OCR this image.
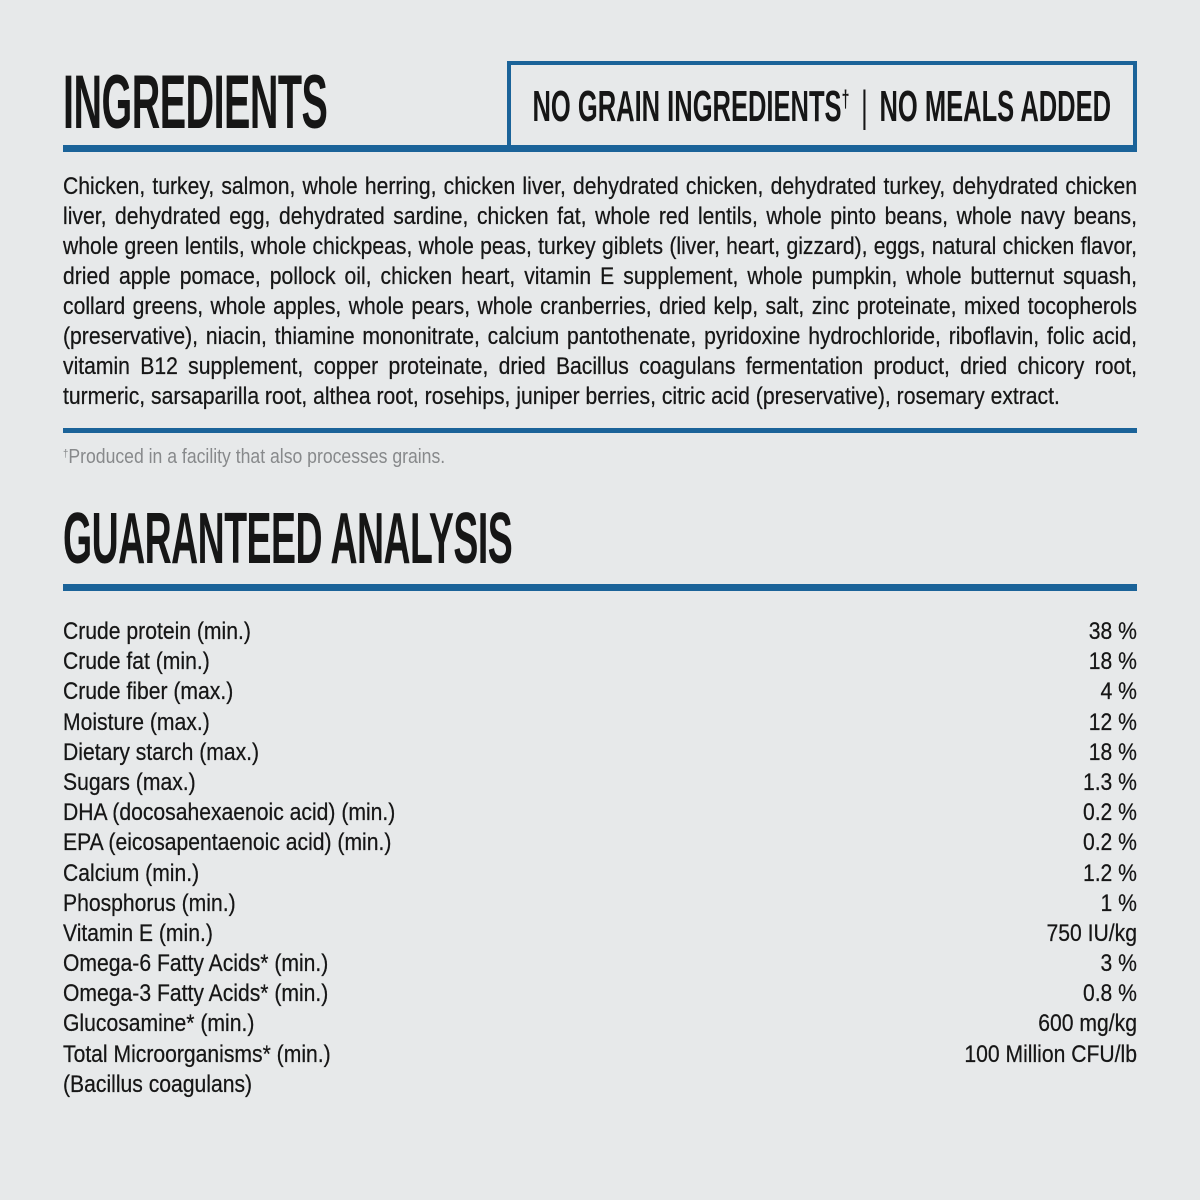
INGREDIENTS	NO GRAIN INGREDIENTS† | NO MEALS ADDED

Chicken, turkey, salmon, whole herring, chicken liver, dehydrated chicken, dehydrated turkey, dehydrated chicken liver, dehydrated egg, dehydrated sardine, chicken fat, whole red lentils, whole pinto beans, whole navy beans, whole green lentils, whole chickpeas, whole peas, turkey giblets (liver, heart, gizzard), eggs, natural chicken flavor, dried apple pomace, pollock oil, chicken heart, vitamin E supplement, whole pumpkin, whole butternut squash, collard greens, whole apples, whole pears, whole cranberries, dried kelp, salt, zinc proteinate, mixed tocopherols (preservative), niacin, thiamine mononitrate, calcium pantothenate, pyridoxine hydrochloride, riboflavin, folic acid, vitamin B12 supplement, copper proteinate, dried Bacillus coagulans fermentation product, dried chicory root, turmeric, sarsaparilla root, althea root, rosehips, juniper berries, citric acid (preservative), rosemary extract.

†Produced in a facility that also processes grains.

GUARANTEED ANALYSIS
Crude protein (min.)	38 %
Crude fat (min.)	18 %
Crude fiber (max.)	4 %
Moisture (max.)	12 %
Dietary starch (max.)	18 %
Sugars (max.)	1.3 %
DHA (docosahexaenoic acid) (min.)	0.2 %
EPA (eicosapentaenoic acid) (min.)	0.2 %
Calcium (min.)	1.2 %
Phosphorus (min.)	1 %
Vitamin E (min.)	750 IU/kg
Omega-6 Fatty Acids* (min.)	3 %
Omega-3 Fatty Acids* (min.)	0.8 %
Glucosamine* (min.)	600 mg/kg
Total Microorganisms* (min.)	100 Million CFU/lb
(Bacillus coagulans)
